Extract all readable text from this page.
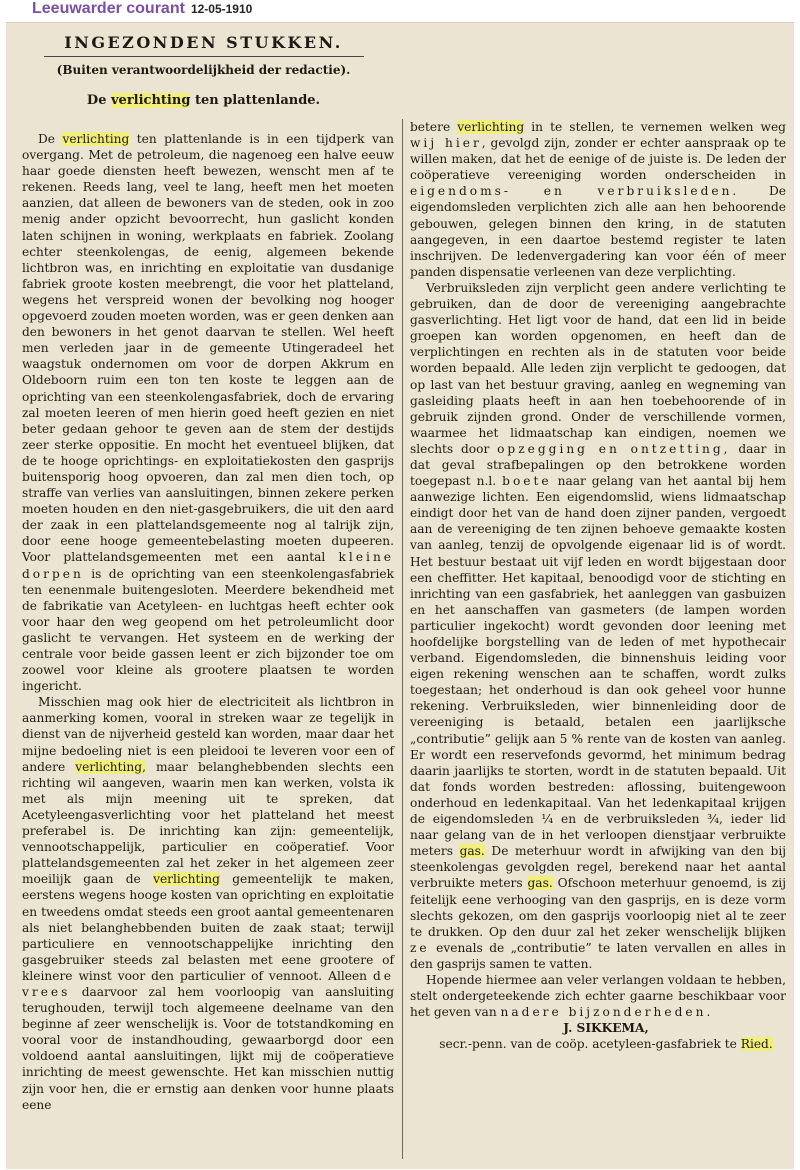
Leeuwarder courant 12-05-1910
INGEZONDEN STUKKEN.
(Buiten verantwoordelijkheid der redactie).
De verlichting ten plattenlande.

De verlichting ten plattenlande is in een tijdperk van overgang. Met de petroleum, die nagenoeg een halve eeuw haar goede diensten heeft bewezen, wenscht men af te rekenen. Reeds lang, veel te lang, heeft men het moeten aanzien, dat alleen de bewoners van de steden, ook in zoo menig ander opzicht bevoorrecht, hun gaslicht konden laten schijnen in woning, werkplaats en fabriek. Zoolang echter steenkolengas, de eenig, algemeen bekende lichtbron was, en inrichting en exploitatie van dusdanige fabriek groote kosten meebrengt, die voor het platteland, wegens het verspreid wonen der bevolking nog hooger opgevoerd zouden moeten worden, was er geen denken aan den bewoners in het genot daarvan te stellen. Wel heeft men verleden jaar in de gemeente Utingeradeel het waagstuk ondernomen om voor de dorpen Akkrum en Oldeboorn ruim een ton ten koste te leggen aan de oprichting van een steenkolengasfabriek, doch de ervaring zal moeten leeren of men hierin goed heeft gezien en niet beter gedaan gehoor te geven aan de stem der destijds zeer sterke oppositie. En mocht het eventueel blijken, dat de te hooge oprichtings- en exploitatiekosten den gasprijs buitensporig hoog opvoeren, dan zal men dien toch, op straffe van verlies van aansluitingen, binnen zekere perken moeten houden en den niet-gasgebruikers, die uit den aard der zaak in een plattelandsgemeente nog al talrijk zijn, door eene hooge gemeentebelasting moeten dupeeren. Voor plattelandsgemeenten met een aantal kleine dorpen is de oprichting van een steenkolengasfabriek ten eenenmale buitengesloten. Meerdere bekendheid met de fabrikatie van Acetyleen- en luchtgas heeft echter ook voor haar den weg geopend om het petroleumlicht door gaslicht te vervangen. Het systeem en de werking der centrale voor beide gassen leent er zich bijzonder toe om zoowel voor kleine als grootere plaatsen te worden ingericht.

Misschien mag ook hier de electriciteit als lichtbron in aanmerking komen, vooral in streken waar ze tegelijk in dienst van de nijverheid gesteld kan worden, maar daar het mijne bedoeling niet is een pleidooi te leveren voor een of andere verlichting, maar belanghebbenden slechts een richting wil aangeven, waarin men kan werken, volsta ik met als mijn meening uit te spreken, dat Acetyleengasverlichting voor het platteland het meest preferabel is. De inrichting kan zijn: gemeentelijk, vennootschappelijk, particulier en coöperatief. Voor plattelandsgemeenten zal het zeker in het algemeen zeer moeilijk gaan de verlichting gemeentelijk te maken, eerstens wegens hooge kosten van oprichting en exploitatie en tweedens omdat steeds een groot aantal gemeentenaren als niet belanghebbenden buiten de zaak staat; terwijl particuliere en vennootschappelijke inrichting den gasgebruiker steeds zal belasten met eene grootere of kleinere winst voor den particulier of vennoot. Alleen de vrees daarvoor zal hem voorloopig van aansluiting terughouden, terwijl toch algemeene deelname van den beginne af zeer wenschelijk is. Voor de totstandkoming en vooral voor de instandhouding, gewaarborgd door een voldoend aantal aansluitingen, lijkt mij de coöperatieve inrichting de meest gewenschte. Het kan misschien nuttig zijn voor hen, die er ernstig aan denken voor hunne plaats eene

betere verlichting in te stellen, te vernemen welken weg wij hier, gevolgd zijn, zonder er echter aanspraak op te willen maken, dat het de eenige of de juiste is. De leden der coöperatieve vereeniging worden onderscheiden in eigendoms- en verbruiksleden. De eigendomsleden verplichten zich alle aan hen behoorende gebouwen, gelegen binnen den kring, in de statuten aangegeven, in een daartoe bestemd register te laten inschrijven. De ledenvergadering kan voor één of meer panden dispensatie verleenen van deze verplichting.

Verbruiksleden zijn verplicht geen andere verlichting te gebruiken, dan de door de vereeniging aangebrachte gasverlichting. Het ligt voor de hand, dat een lid in beide groepen kan worden opgenomen, en heeft dan de verplichtingen en rechten als in de statuten voor beide worden bepaald. Alle leden zijn verplicht te gedoogen, dat op last van het bestuur graving, aanleg en wegneming van gasleiding plaats heeft in aan hen toebehoorende of in gebruik zijnden grond. Onder de verschillende vormen, waarmee het lidmaatschap kan eindigen, noemen we slechts door opzegging en ontzetting, daar in dat geval strafbepalingen op den betrokkene worden toegepast n.l. boete naar gelang van het aantal bij hem aanwezige lichten. Een eigendomslid, wiens lidmaatschap eindigt door het van de hand doen zijner panden, vergoedt aan de vereeniging de ten zijnen behoeve gemaakte kosten van aanleg, tenzij de opvolgende eigenaar lid is of wordt. Het bestuur bestaat uit vijf leden en wordt bijgestaan door een cheffitter. Het kapitaal, benoodigd voor de stichting en inrichting van een gasfabriek, het aanleggen van gasbuizen en het aanschaffen van gasmeters (de lampen worden particulier ingekocht) wordt gevonden door leening met hoofdelijke borgstelling van de leden of met hypothecair verband. Eigendomsleden, die binnenshuis leiding voor eigen rekening wenschen aan te schaffen, wordt zulks toegestaan; het onderhoud is dan ook geheel voor hunne rekening. Verbruiksleden, wier binnenleiding door de vereeniging is betaald, betalen een jaarlijksche „contributie” gelijk aan 5 % rente van de kosten van aanleg. Er wordt een reservefonds gevormd, het minimum bedrag daarin jaarlijks te storten, wordt in de statuten bepaald. Uit dat fonds worden bestreden: aflossing, buitengewoon onderhoud en ledenkapitaal. Van het ledenkapitaal krijgen de eigendomsleden ¼ en de verbruiksleden ¾, ieder lid naar gelang van de in het verloopen dienstjaar verbruikte meters gas. De meterhuur wordt in afwijking van den bij steenkolengas gevolgden regel, berekend naar het aantal verbruikte meters gas. Ofschoon meterhuur genoemd, is zij feitelijk eene verhooging van den gasprijs, en is deze vorm slechts gekozen, om den gasprijs voorloopig niet al te zeer te drukken. Op den duur zal het zeker wenschelijk blijken ze evenals de „contributie” te laten vervallen en alles in den gasprijs samen te vatten.

Hopende hiermee aan veler verlangen voldaan te hebben, stelt ondergeteekende zich echter gaarne beschikbaar voor het geven van nadere bijzonderheden.

J. SIKKEMA,

secr.-penn. van de coöp. acetyleen-gasfabriek te Ried.
